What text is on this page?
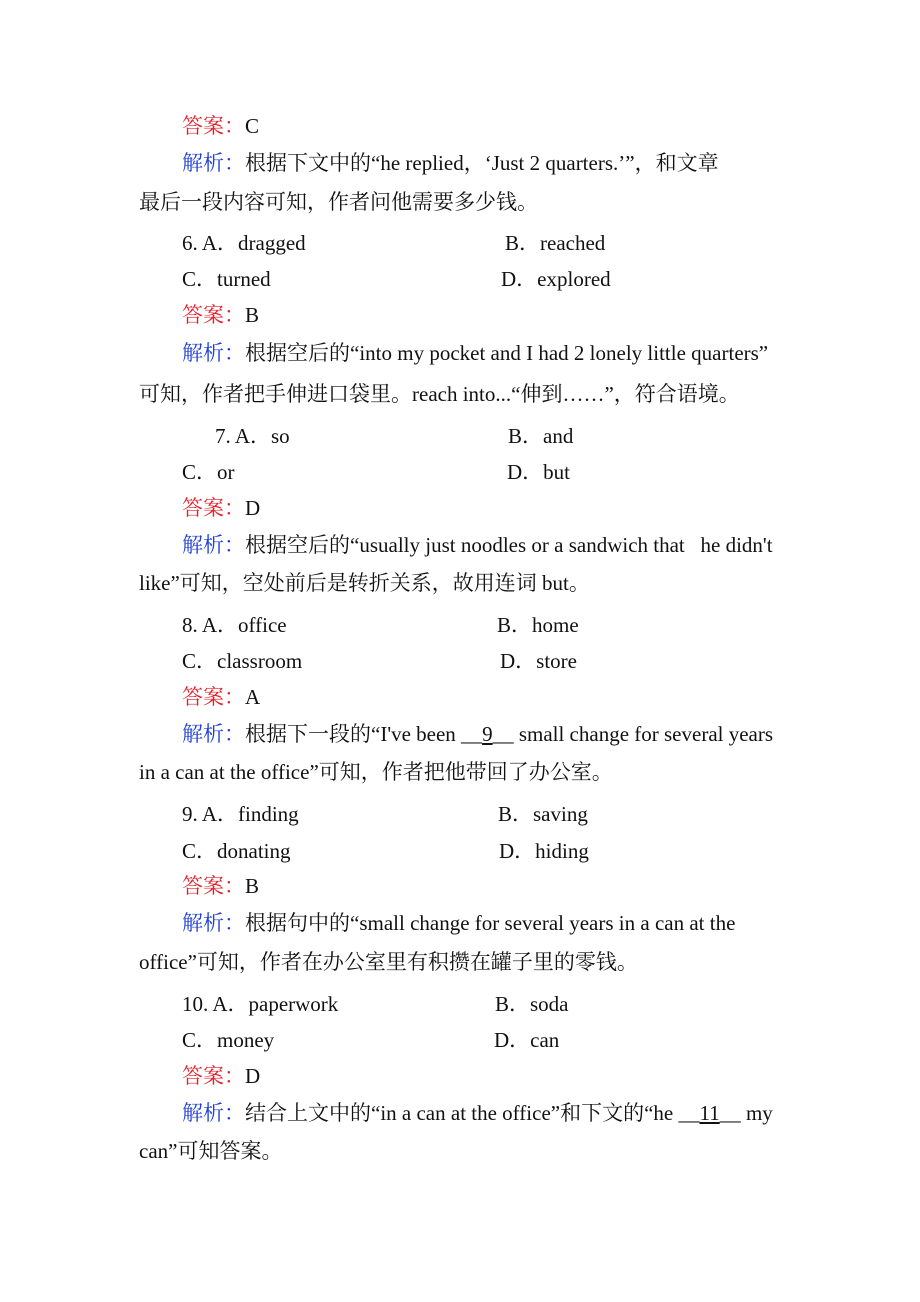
答案：C
解析：根据下文中的“he replied，‘Just 2 quarters.’”，和文章
最后一段内容可知，作者问他需要多少钱。
6. A．dragged	B．reached
C．turned	D．explored
答案：B
解析：根据空后的“into my pocket and I had 2 lonely little quarters”
可知，作者把手伸进口袋里。reach into...“伸到……”，符合语境。
7. A．so	B．and
C．or	D．but
答案：D
解析：根据空后的“usually just noodles or a sandwich that   he didn't
like”可知，空处前后是转折关系，故用连词 but。
8. A．office	B．home
C．classroom	D．store
答案：A
解析：根据下一段的“I've been __9__ small change for several years
in a can at the office”可知，作者把他带回了办公室。
9. A．finding	B．saving
C．donating	D．hiding
答案：B
解析：根据句中的“small change for several years in a can at the
office”可知，作者在办公室里有积攒在罐子里的零钱。
10. A．paperwork	B．soda
C．money	D．can
答案：D
解析：结合上文中的“in a can at the office”和下文的“he __11__ my
can”可知答案。
